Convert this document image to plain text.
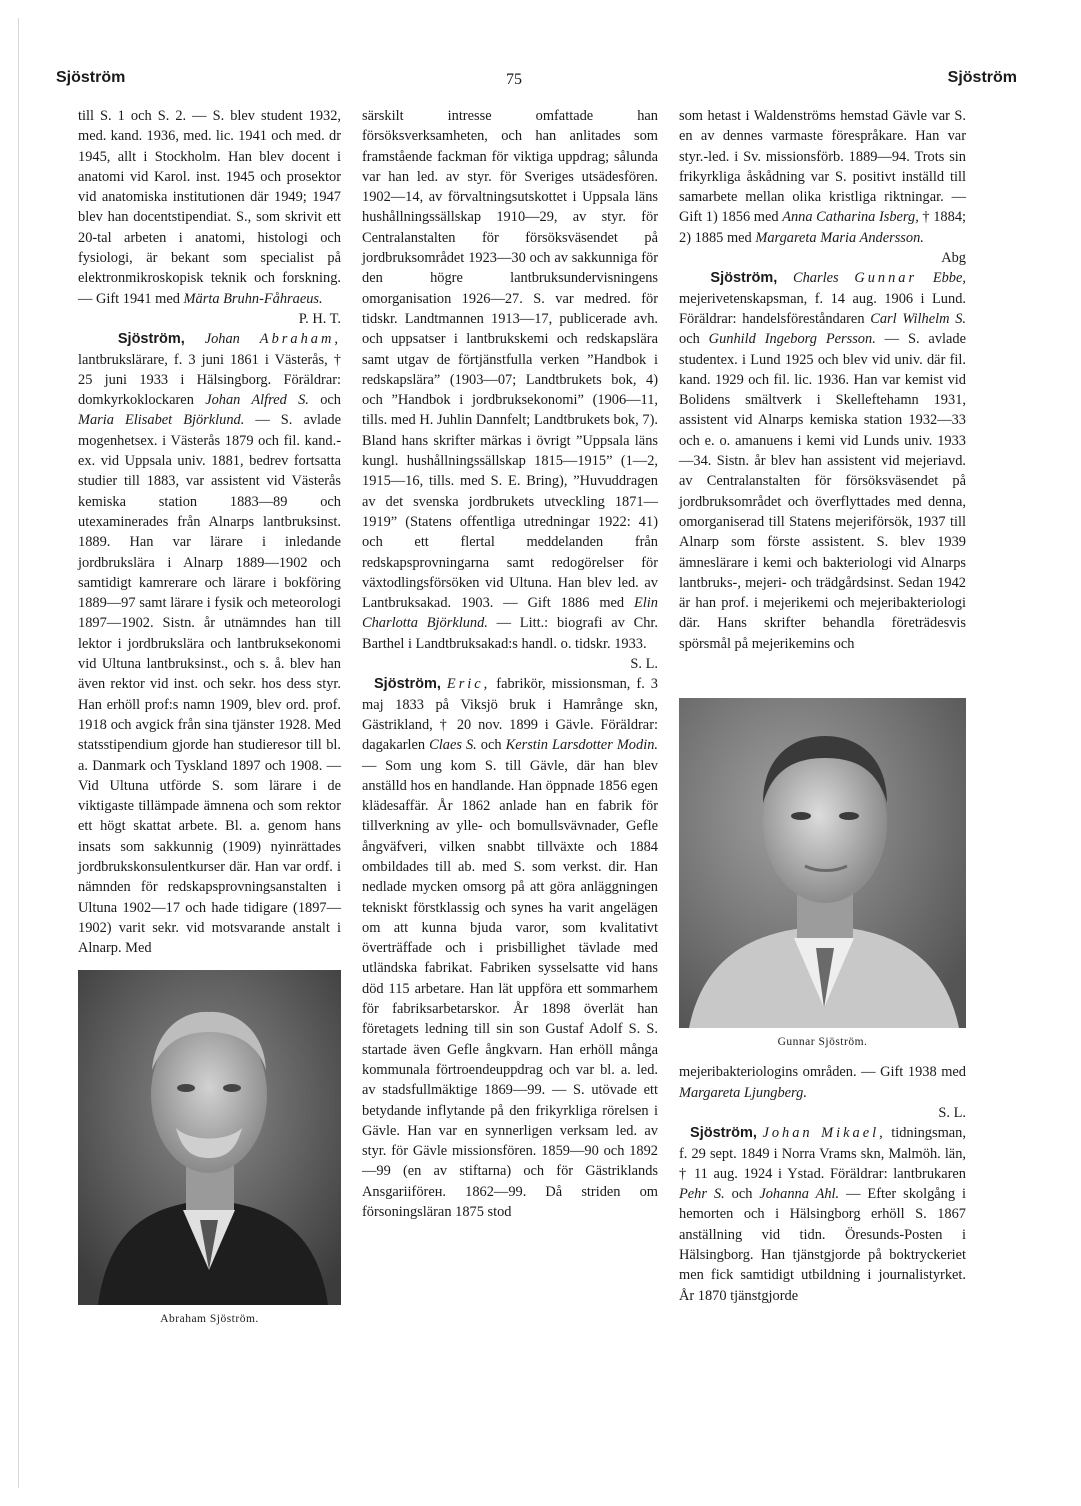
Sjöström	75	Sjöström

till S. 1 och S. 2. — S. blev student 1932, med. kand. 1936, med. lic. 1941 och med. dr 1945, allt i Stockholm. Han blev docent i anatomi vid Karol. inst. 1945 och prosektor vid anatomiska institutionen där 1949; 1947 blev han docentstipendiat. S., som skrivit ett 20-tal arbeten i anatomi, histologi och fysiologi, är bekant som specialist på elektronmikroskopisk teknik och forskning. — Gift 1941 med Märta Bruhn-Fåhraeus.

P. H. T.

Sjöström, Johan Abraham, lantbrukslärare, f. 3 juni 1861 i Västerås, † 25 juni 1933 i Hälsingborg. Föräldrar: domkyrkoklockaren Johan Alfred S. och Maria Elisabet Björklund. — S. avlade mogenhetsex. i Västerås 1879 och fil. kand.-ex. vid Uppsala univ. 1881, bedrev fortsatta studier till 1883, var assistent vid Västerås kemiska station 1883—89 och utexaminerades från Alnarps lantbruksinst. 1889. Han var lärare i inledande jordbrukslära i Alnarp 1889—1902 och samtidigt kamrerare och lärare i bokföring 1889—97 samt lärare i fysik och meteorologi 1897—1902. Sistn. år utnämndes han till lektor i jordbrukslära och lantbruksekonomi vid Ultuna lantbruksinst., och s. å. blev han även rektor vid inst. och sekr. hos dess styr. Han erhöll prof:s namn 1909, blev ord. prof. 1918 och avgick från sina tjänster 1928. Med statsstipendium gjorde han studieresor till bl. a. Danmark och Tyskland 1897 och 1908. — Vid Ultuna utförde S. som lärare i de viktigaste tillämpade ämnena och som rektor ett högt skattat arbete. Bl. a. genom hans insats som sakkunnig (1909) nyinrättades jordbrukskonsulentkurser där. Han var ordf. i nämnden för redskapsprovningsanstalten i Ultuna 1902—17 och hade tidigare (1897—1902) varit sekr. vid motsvarande anstalt i Alnarp. Med

Abraham Sjöström.

särskilt intresse omfattade han försöksverksamheten, och han anlitades som framstående fackman för viktiga uppdrag; sålunda var han led. av styr. för Sveriges utsädesfören. 1902—14, av förvaltningsutskottet i Uppsala läns hushållningssällskap 1910—29, av styr. för Centralanstalten för försöksväsendet på jordbruksområdet 1923—30 och av sakkunniga för den högre lantbruksundervisningens omorganisation 1926—27. S. var medred. för tidskr. Landtmannen 1913—17, publicerade avh. och uppsatser i lantbrukskemi och redskapslära samt utgav de förtjänstfulla verken ”Handbok i redskapslära” (1903—07; Landtbrukets bok, 4) och ”Handbok i jordbruksekonomi” (1906—11, tills. med H. Juhlin Dannfelt; Landtbrukets bok, 7). Bland hans skrifter märkas i övrigt ”Uppsala läns kungl. hushållningssällskap 1815—1915” (1—2, 1915—16, tills. med S. E. Bring), ”Huvuddragen av det svenska jordbrukets utveckling 1871—1919” (Statens offentliga utredningar 1922: 41) och ett flertal meddelanden från redskapsprovningarna samt redogörelser för växtodlingsförsöken vid Ultuna. Han blev led. av Lantbruksakad. 1903. — Gift 1886 med Elin Charlotta Björklund. — Litt.: biografi av Chr. Barthel i Landtbruksakad:s handl. o. tidskr. 1933.

S. L.

Sjöström, Eric, fabrikör, missionsman, f. 3 maj 1833 på Viksjö bruk i Hamrånge skn, Gästrikland, † 20 nov. 1899 i Gävle. Föräldrar: dagakarlen Claes S. och Kerstin Larsdotter Modin. — Som ung kom S. till Gävle, där han blev anställd hos en handlande. Han öppnade 1856 egen klädesaffär. År 1862 anlade han en fabrik för tillverkning av ylle- och bomullsvävnader, Gefle ångväfveri, vilken snabbt tillväxte och 1884 ombildades till ab. med S. som verkst. dir. Han nedlade mycken omsorg på att göra anläggningen tekniskt förstklassig och synes ha varit angelägen om att kunna bjuda varor, som kvalitativt överträffade och i prisbillighet tävlade med utländska fabrikat. Fabriken sysselsatte vid hans död 115 arbetare. Han lät uppföra ett sommarhem för fabriksarbetarskor. År 1898 överlät han företagets ledning till sin son Gustaf Adolf S. S. startade även Gefle ångkvarn. Han erhöll många kommunala förtroendeuppdrag och var bl. a. led. av stadsfullmäktige 1869—99. — S. utövade ett betydande inflytande på den frikyrkliga rörelsen i Gävle. Han var en synnerligen verksam led. av styr. för Gävle missionsfören. 1859—90 och 1892—99 (en av stiftarna) och för Gästriklands Ansgariiförен. 1862—99. Då striden om försoningsläran 1875 stod

som hetast i Waldenströms hemstad Gävle var S. en av dennes varmaste förespråkare. Han var styr.-led. i Sv. missionsförb. 1889—94. Trots sin frikyrkliga åskådning var S. positivt inställd till samarbete mellan olika kristliga riktningar. — Gift 1) 1856 med Anna Catharina Isberg, † 1884; 2) 1885 med Margareta Maria Andersson.

Abg

Sjöström, Charles Gunnar Ebbe, mejerivetenskapsman, f. 14 aug. 1906 i Lund. Föräldrar: handelsföreståndaren Carl Wilhelm S. och Gunhild Ingeborg Persson. — S. avlade studentex. i Lund 1925 och blev vid univ. där fil. kand. 1929 och fil. lic. 1936. Han var kemist vid Bolidens smältverk i Skelleftehamn 1931, assistent vid Alnarps kemiska station 1932—33 och e. o. amanuens i kemi vid Lunds univ. 1933—34. Sistn. år blev han assistent vid mejeriavd. av Centralanstalten för försöksväsendet på jordbruksområdet och överflyttades med denna, omorganiserad till Statens mejeriförsök, 1937 till Alnarp som förste assistent. S. blev 1939 ämneslärare i kemi och bakteriologi vid Alnarps lantbruks-, mejeri- och trädgårdsinst. Sedan 1942 är han prof. i mejerikemi och mejeribakteriologi där. Hans skrifter behandla företrädesvis spörsmål på mejerikemins och

Gunnar Sjöström.

mejeribakteriologins områden. — Gift 1938 med Margareta Ljungberg.

S. L.

Sjöström, Johan Mikael, tidningsman, f. 29 sept. 1849 i Norra Vrams skn, Malmöh. län, † 11 aug. 1924 i Ystad. Föräldrar: lantbrukaren Pehr S. och Johanna Ahl. — Efter skolgång i hemorten och i Hälsingborg erhöll S. 1867 anställning vid tidn. Öresunds-Posten i Hälsingborg. Han tjänstgjorde på boktryckeriet men fick samtidigt utbildning i journalistyrket. År 1870 tjänstgjorde
